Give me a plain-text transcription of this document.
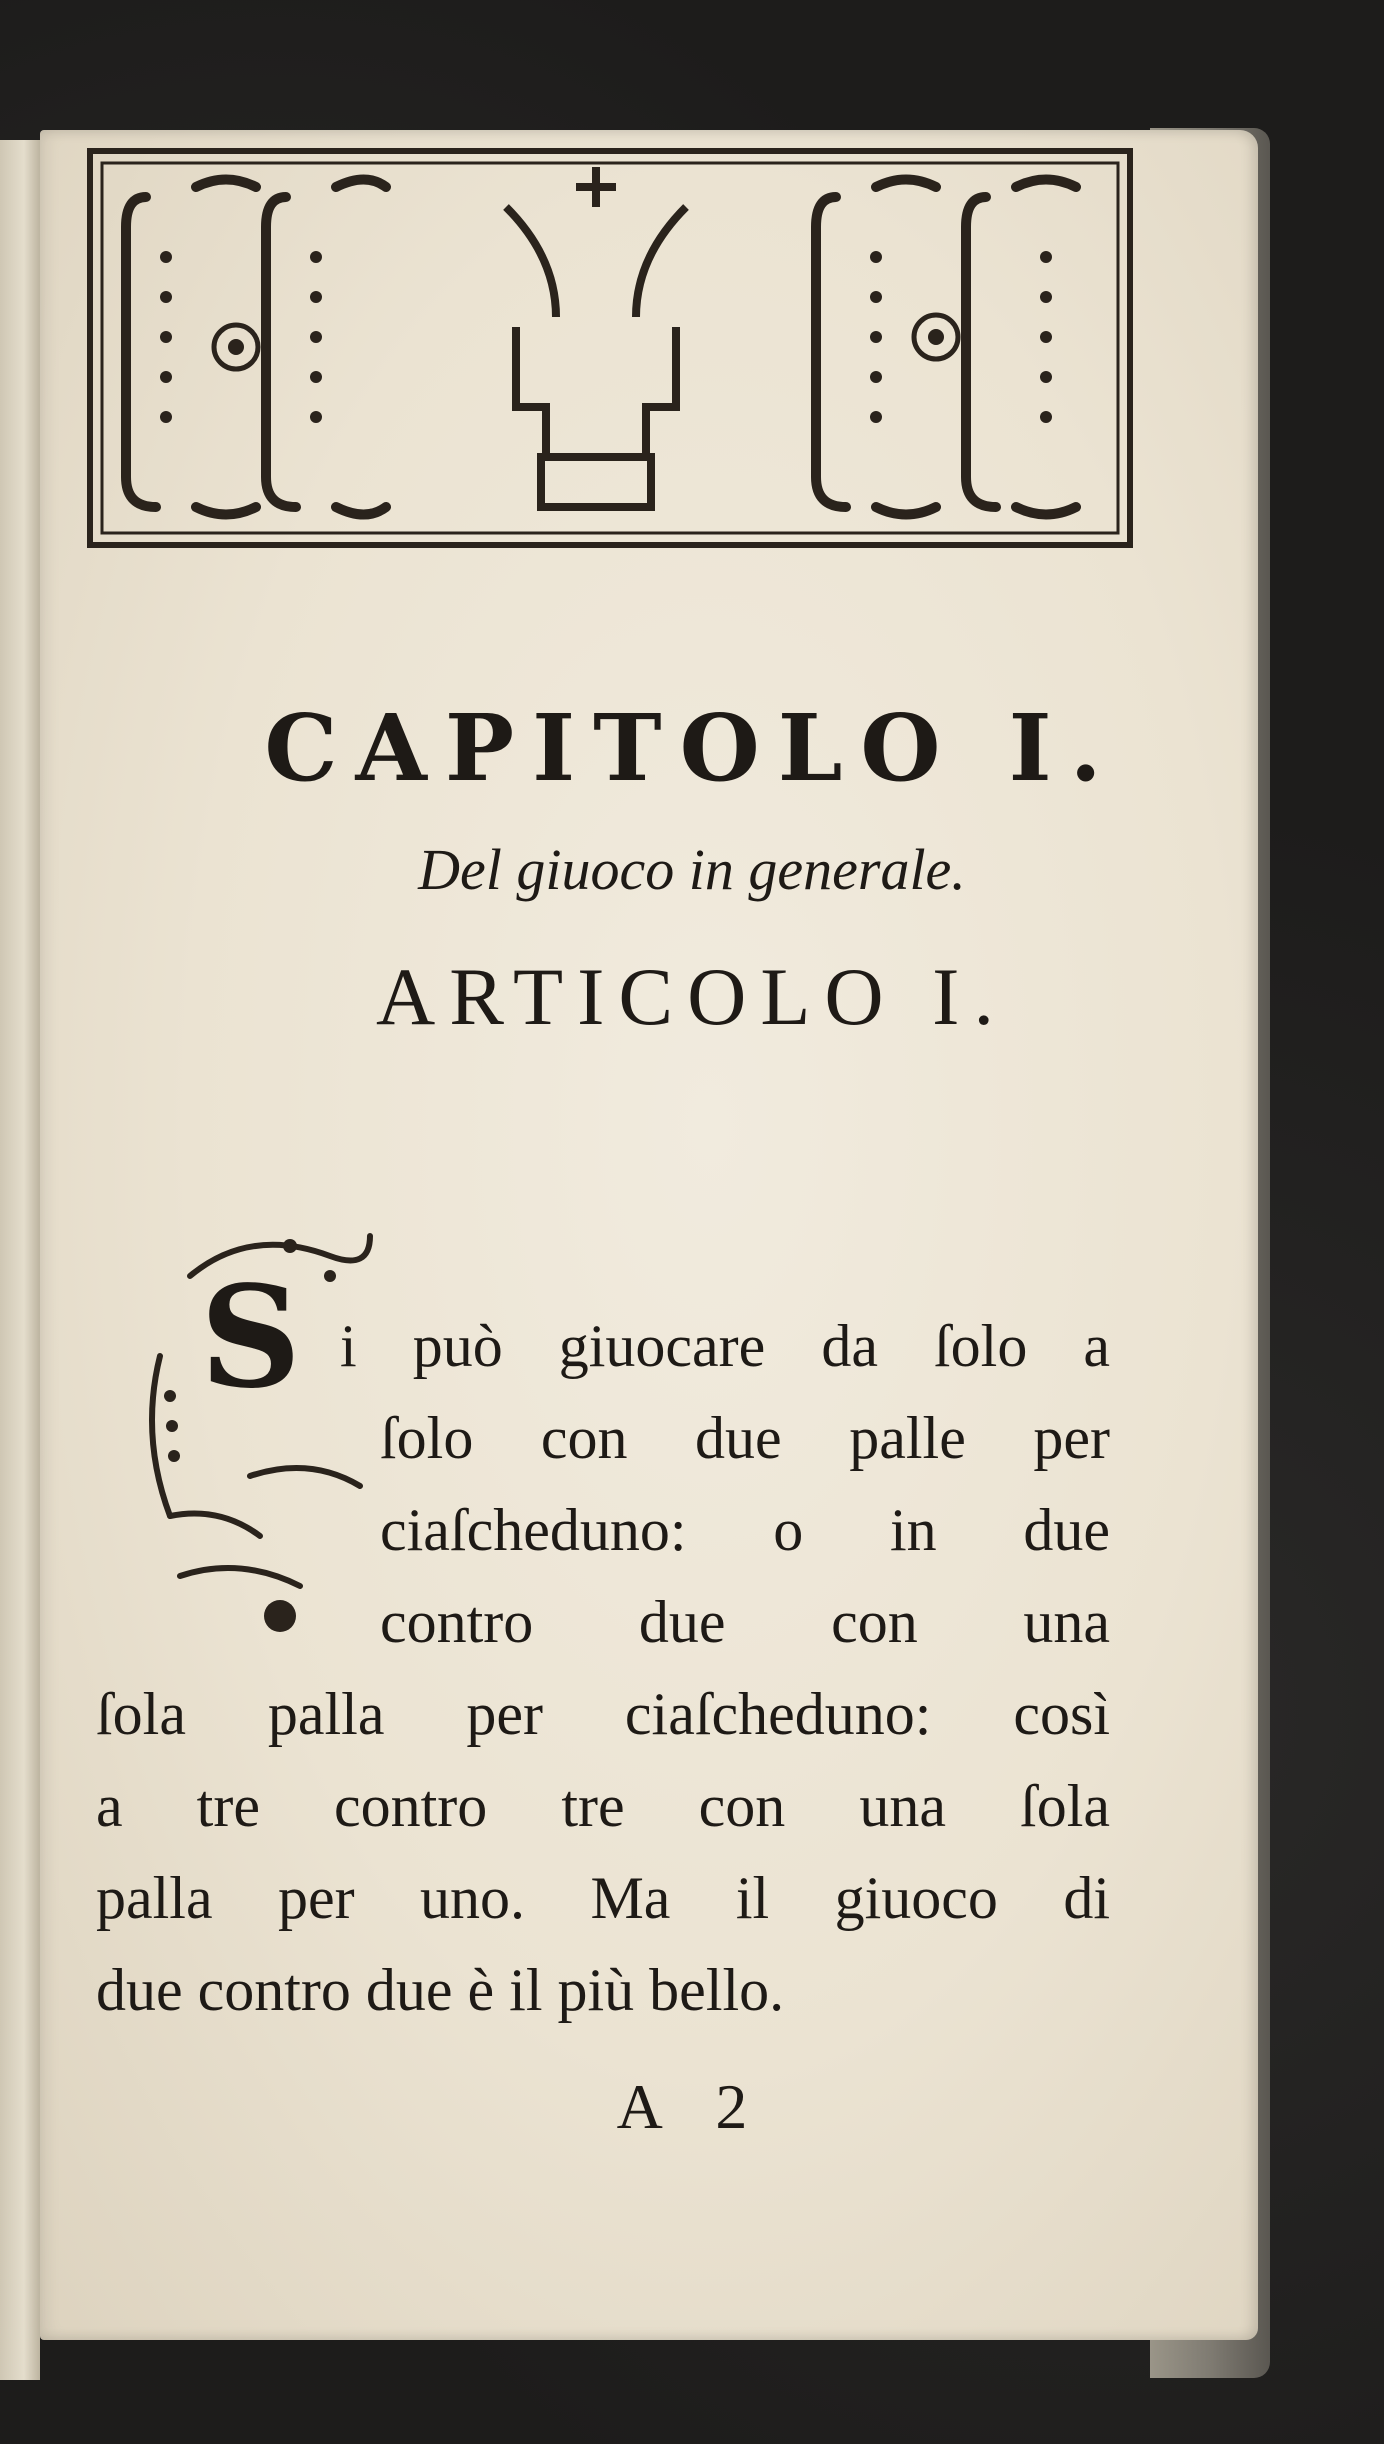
CAPITOLO I.
Del giuoco in generale.
ARTICOLO I.
S i può giuocare da ſolo a
ſolo con due palle per
ciaſcheduno: o in due
contro due con una
ſola palla per ciaſcheduno: così
a tre contro tre con una ſola
palla per uno. Ma il giuoco di
due contro due è il più bello.
A 2
